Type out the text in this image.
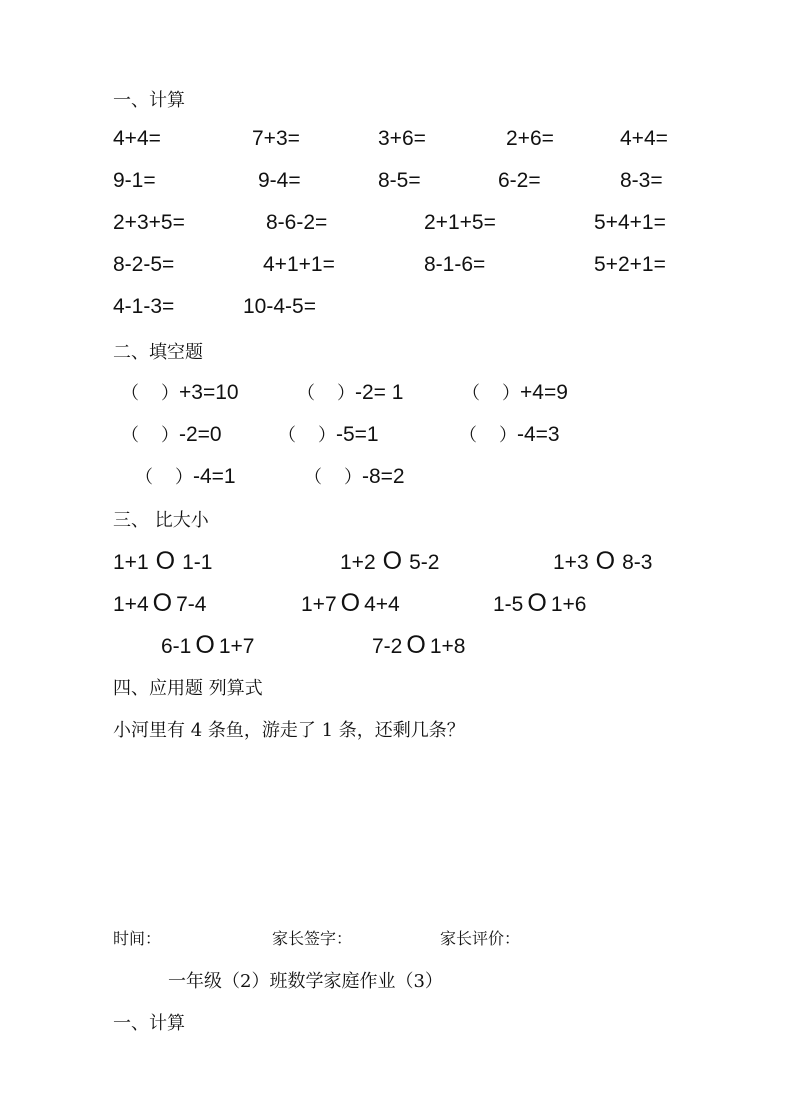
一、计算
4+4=	7+3=	3+6=	2+6=	4+4=
9-1=	9-4=	8-5=	6-2=	8-3=
2+3+5=	8-6-2=	2+1+5=	5+4+1=
8-2-5=	4+1+1=	8-1-6=	5+2+1=
4-1-3=	10-4-5=
二、填空题
（ ）+3=10	（ ）-2= 1	（ ）+4=9
（ ）-2=0	（ ）-5=1	（ ）-4=3
（ ）-4=1	（ ）-8=2
三、 比大小
1+1 O 1-1	1+2 O 5-2	1+3 O 8-3
1+4 O 7-4	1+7 O 4+4	1-5 O 1+6
6-1 O 1+7	7-2 O 1+8
四、应用题 列算式
小河里有 4 条鱼，游走了 1 条，还剩几条？
时间：	家长签字：	家长评价：
一年级（2）班数学家庭作业（3）
一、计算
